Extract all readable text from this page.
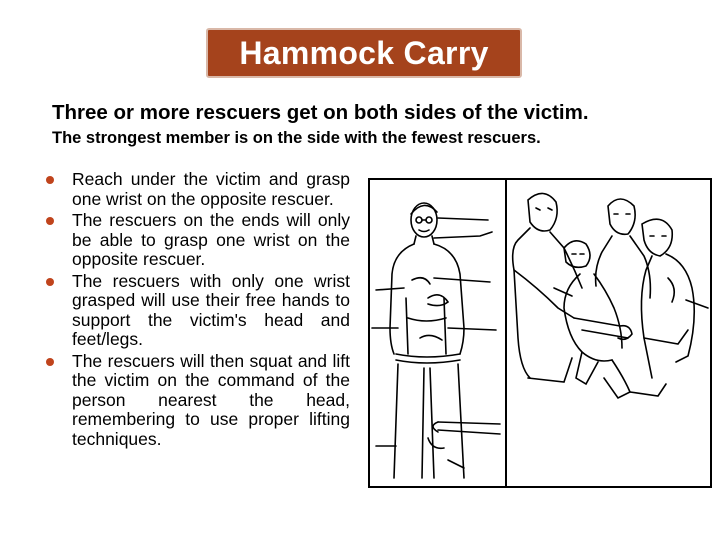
Hammock Carry
Three or more rescuers get on both sides of the victim.
The strongest member is on the side with the fewest rescuers.
Reach under the victim and grasp one wrist on the opposite rescuer.
The rescuers on the ends will only be able to grasp one wrist on the opposite rescuer.
The rescuers with only one wrist grasped will use their free hands to support the victim's head and feet/legs.
The rescuers will then squat and lift the victim on the command of the person nearest the head, remembering to use proper lifting techniques.
